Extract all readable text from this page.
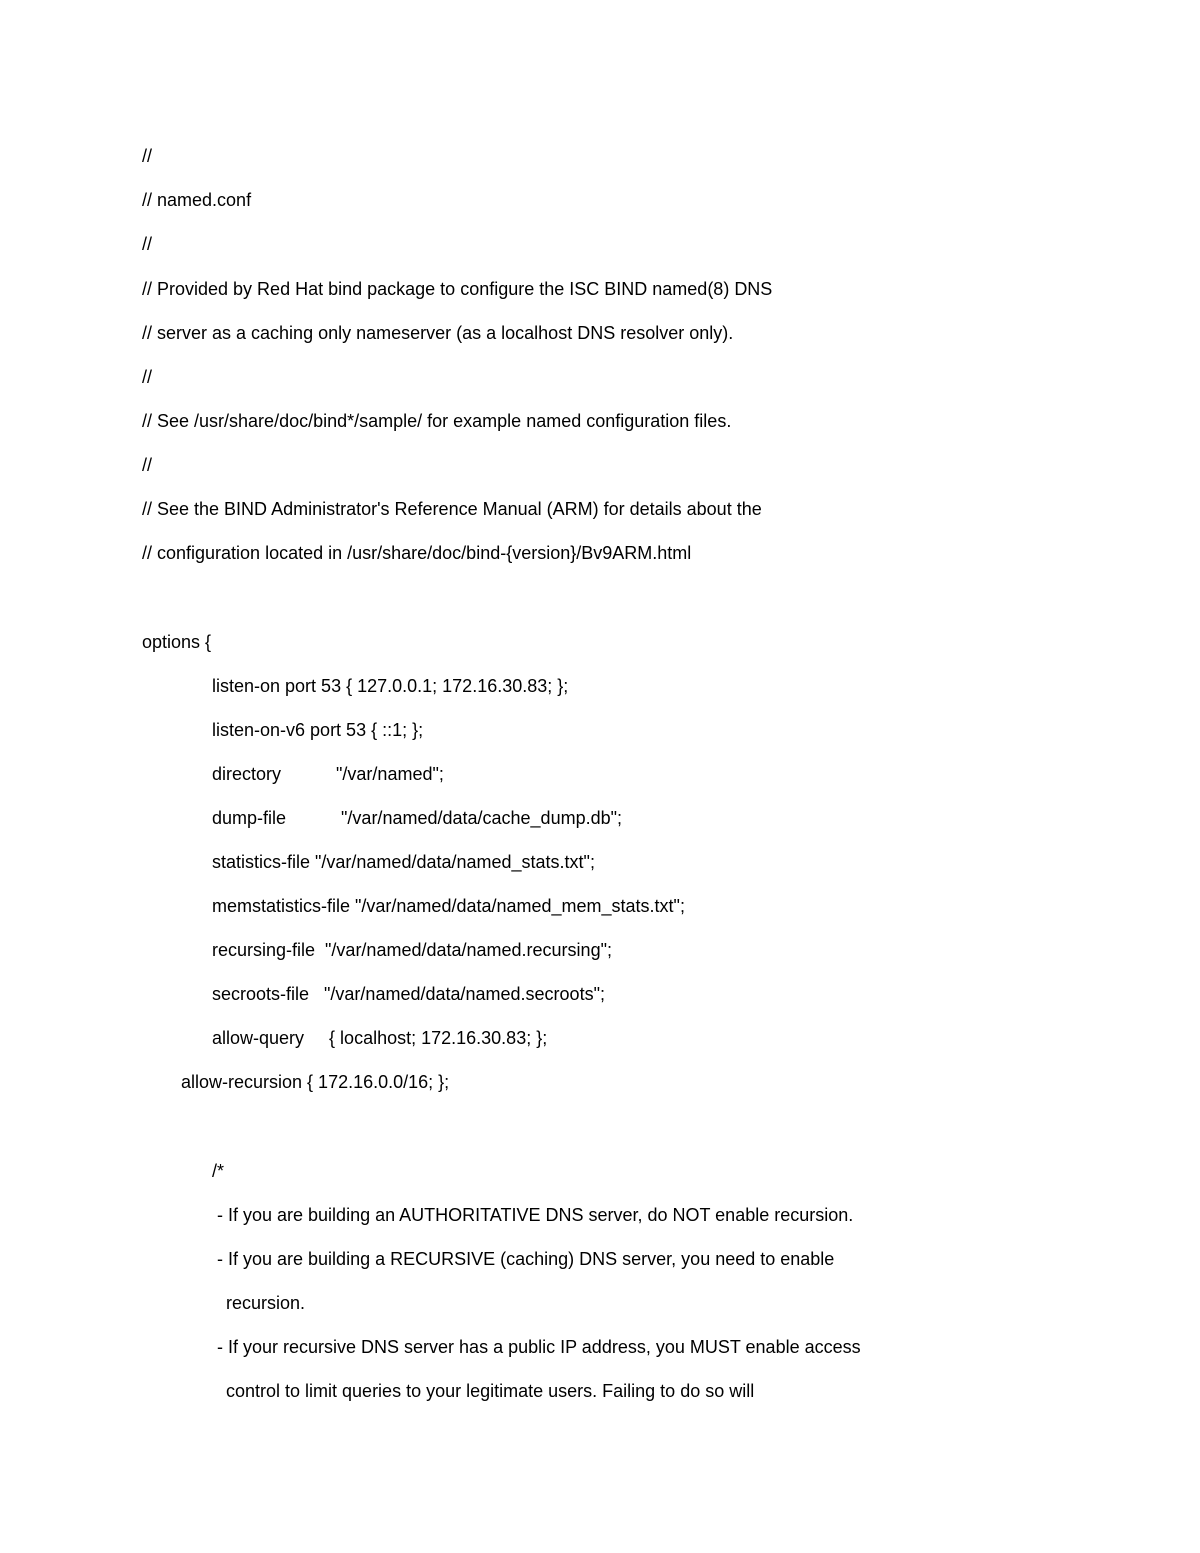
//
// named.conf
//
// Provided by Red Hat bind package to configure the ISC BIND named(8) DNS
// server as a caching only nameserver (as a localhost DNS resolver only).
//
// See /usr/share/doc/bind*/sample/ for example named configuration files.
//
// See the BIND Administrator's Reference Manual (ARM) for details about the
// configuration located in /usr/share/doc/bind-{version}/Bv9ARM.html
options {
listen-on port 53 { 127.0.0.1; 172.16.30.83; };
listen-on-v6 port 53 { ::1; };
directory           "/var/named";
dump-file           "/var/named/data/cache_dump.db";
statistics-file "/var/named/data/named_stats.txt";
memstatistics-file "/var/named/data/named_mem_stats.txt";
recursing-file  "/var/named/data/named.recursing";
secroots-file   "/var/named/data/named.secroots";
allow-query     { localhost; 172.16.30.83; };
allow-recursion { 172.16.0.0/16; };
/*
- If you are building an AUTHORITATIVE DNS server, do NOT enable recursion.
- If you are building a RECURSIVE (caching) DNS server, you need to enable
recursion.
- If your recursive DNS server has a public IP address, you MUST enable access
control to limit queries to your legitimate users. Failing to do so will
